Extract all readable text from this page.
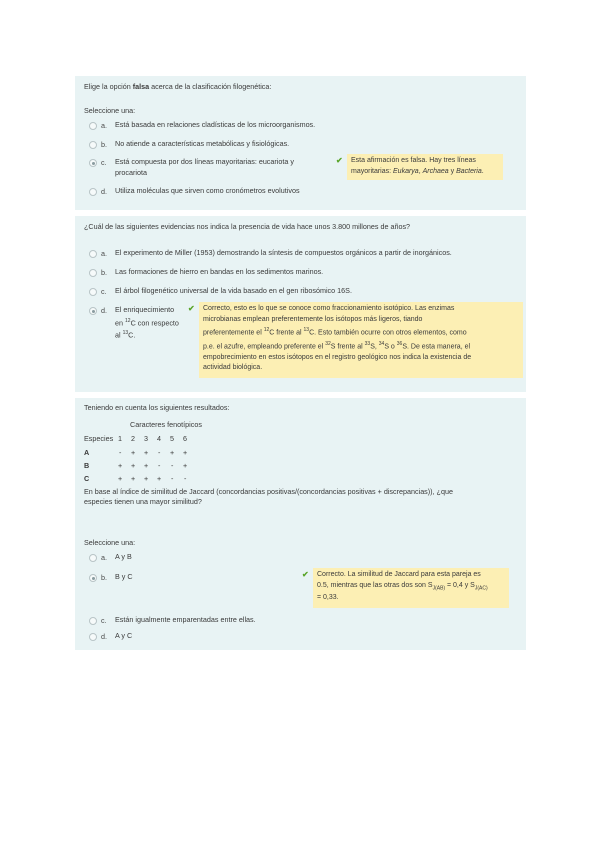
Elige la opción falsa acerca de la clasificación filogenética:
Seleccione una:
a. Está basada en relaciones cladísticas de los microorganismos.
b. No atiende a características metabólicas y fisiológicas.
c. Está compuesta por dos líneas mayoritarias: eucariota y
procariota
✔ Esta afirmación es falsa. Hay tres líneas
mayoritarias: Eukarya, Archaea y Bacteria.
d. Utiliza moléculas que sirven como cronómetros evolutivos
¿Cuál de las siguientes evidencias nos indica la presencia de vida hace unos 3.800 millones de años?
a. El experimento de Miller (1953) demostrando la síntesis de compuestos orgánicos a partir de inorgánicos.
b. Las formaciones de hierro en bandas en los sedimentos marinos.
c. El árbol filogenético universal de la vida basado en el gen ribosómico 16S.
d. El enriquecimiento
en $^{12}$C con respecto
al $^{13}$C.
✔ Correcto, esto es lo que se conoce como fraccionamiento isotópico. Las enzimas
microbianas emplean preferentemente los isótopos más ligeros, tiando
preferentemente el $^{12}$C frente al $^{13}$C. Esto también ocurre con otros elementos, como
p.e. el azufre, empleando preferente el $^{32}$S frente al $^{33}$S, $^{34}$S o $^{36}$S. De esta manera, el
empobrecimiento en estos isótopos en el registro geológico nos indica la existencia de
actividad biológica.
Teniendo en cuenta los siguientes resultados:
Caracteres fenotípicos
Especies 1 2 3 4 5 6
A	- + + - + +
B	+ + + - - +
C	+ + + + - -
En base al índice de similitud de Jaccard (concordancias positivas/(concordancias positivas + discrepancias)), ¿que
especies tienen una mayor similitud?
Seleccione una:
a. A y B
b. B y C	✔ Correcto. La similitud de Jaccard para esta pareja es
0.5, mientras que las otras dos son $S_{J(AB)} = 0,4$ y $S_{J(AC)}$
= 0,33.
c. Están igualmente emparentadas entre ellas.
d. A y C
